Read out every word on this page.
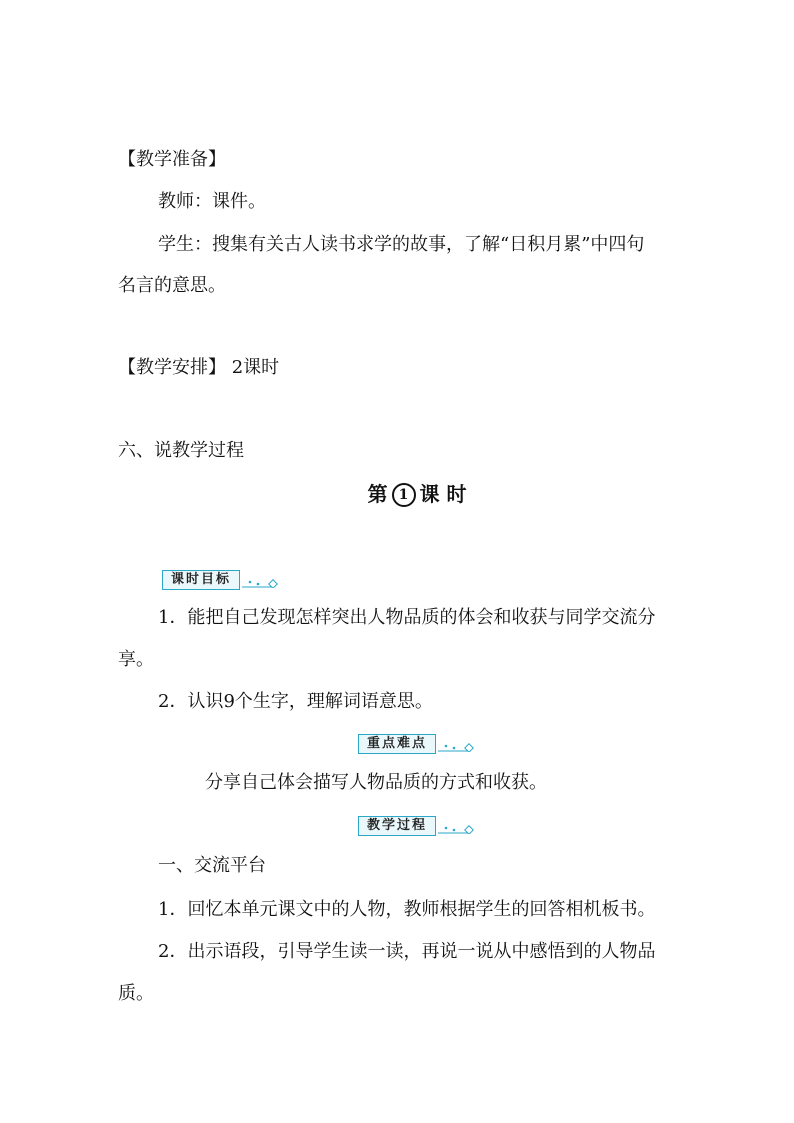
【教学准备】

教师：课件。

学生：搜集有关古人读书求学的故事，了解“日积月累”中四句

名言的意思。

【教学安排】 2课时

六、说教学过程

第 1 课 时
课时目标

1．能把自己发现怎样突出人物品质的体会和收获与同学交流分

享。

2．认识9个生字，理解词语意思。

重点难点

分享自己体会描写人物品质的方式和收获。

教学过程

一、交流平台

1．回忆本单元课文中的人物，教师根据学生的回答相机板书。

2．出示语段，引导学生读一读，再说一说从中感悟到的人物品

质。
